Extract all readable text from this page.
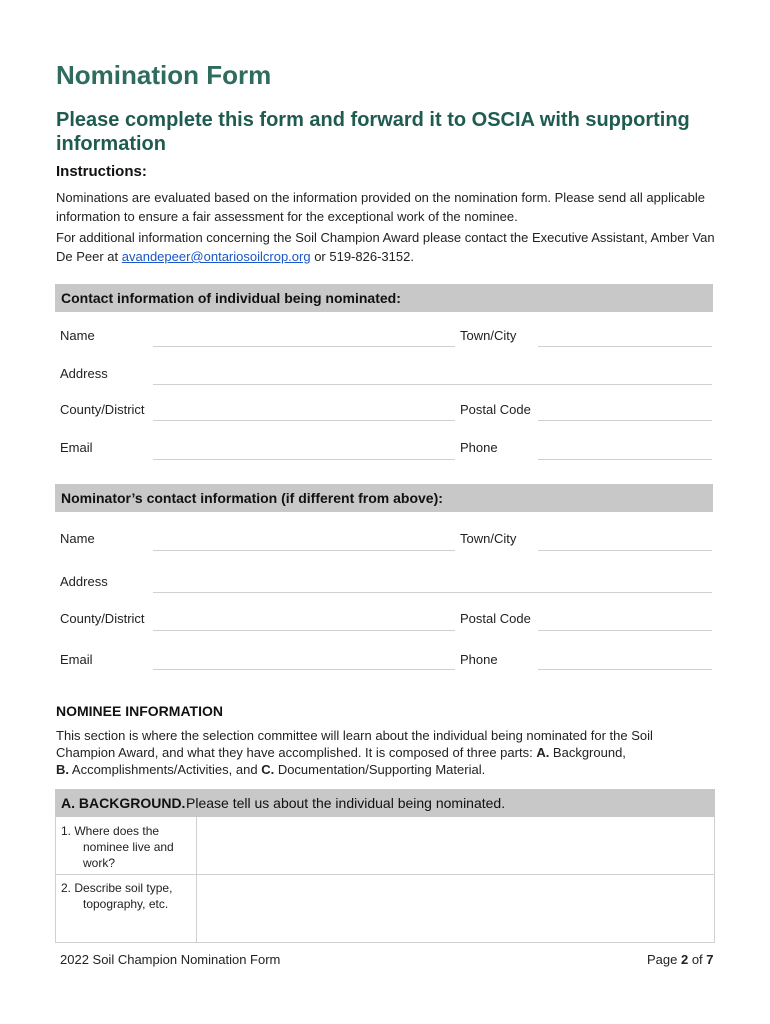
Nomination Form
Please complete this form and forward it to OSCIA with supporting information
Instructions:
Nominations are evaluated based on the information provided on the nomination form. Please send all applicable information to ensure a fair assessment for the exceptional work of the nominee.
For additional information concerning the Soil Champion Award please contact the Executive Assistant, Amber Van De Peer at avandepeer@ontariosoilcrop.org or 519-826-3152.
Contact information of individual being nominated:
Name	Town/City
Address
County/District	Postal Code
Email	Phone
Nominator’s contact information (if different from above):
Name	Town/City
Address
County/District	Postal Code
Email	Phone
NOMINEE INFORMATION
This section is where the selection committee will learn about the individual being nominated for the Soil
Champion Award, and what they have accomplished. It is composed of three parts: A. Background,
B. Accomplishments/Activities, and C. Documentation/Supporting Material.
A. BACKGROUND. Please tell us about the individual being nominated.
1. Where does the
nominee live and
work?
2. Describe soil type,
topography, etc.
2022 Soil Champion Nomination Form	Page 2 of 7
